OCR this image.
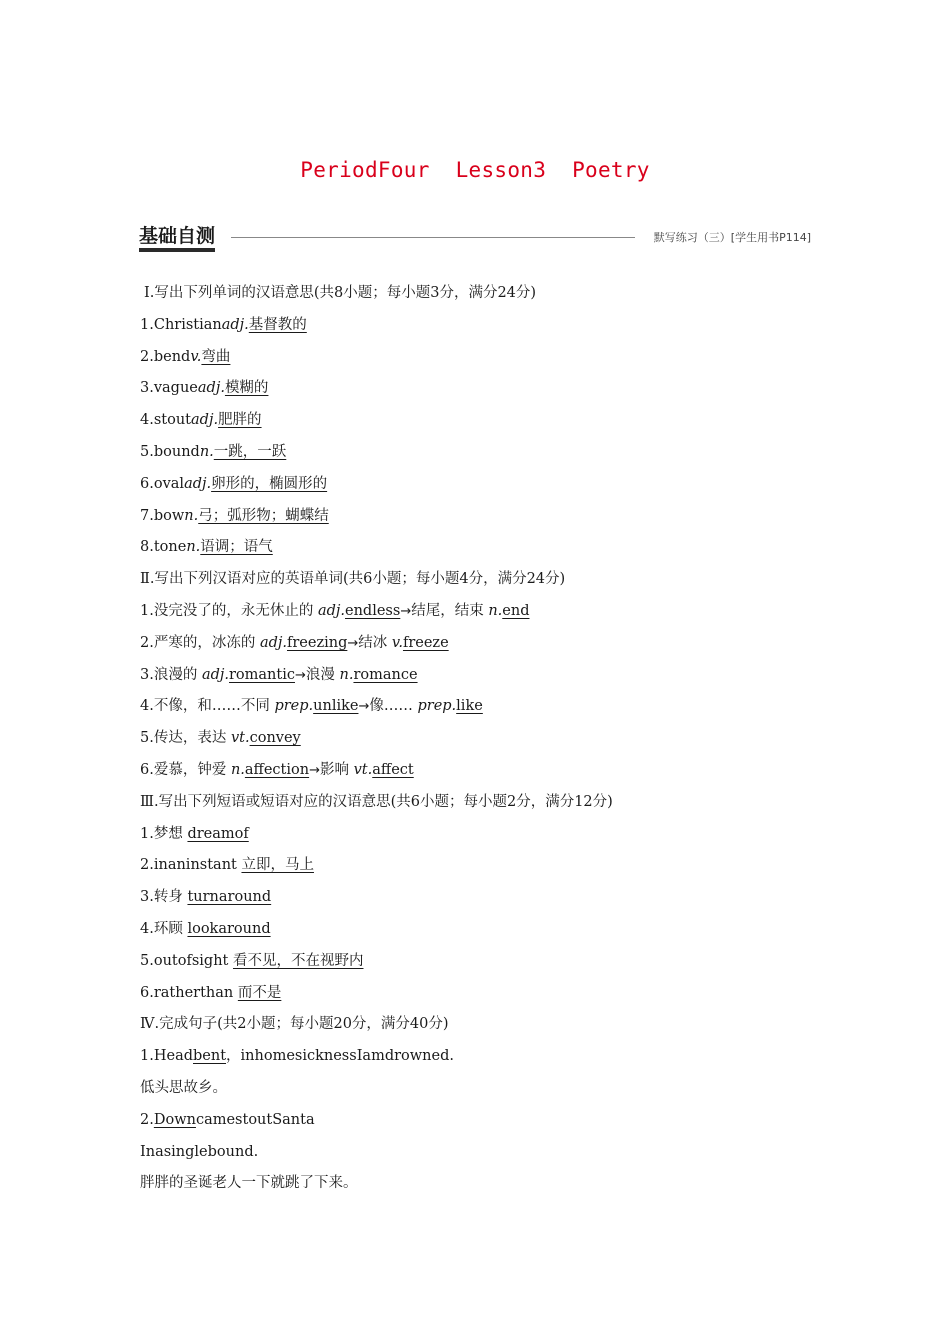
PeriodFour  Lesson3  Poetry
基础自测	默写练习（三）[学生用书P114]
Ⅰ.写出下列单词的汉语意思(共8小题；每小题3分，满分24分)
1.Christianadj.基督教的
2.bendv.弯曲
3.vagueadj.模糊的
4.stoutadj.肥胖的
5.boundn.一跳，一跃
6.ovaladj.卵形的，椭圆形的
7.bown.弓；弧形物；蝴蝶结
8.tonen.语调；语气
Ⅱ.写出下列汉语对应的英语单词(共6小题；每小题4分，满分24分)
1.没完没了的，永无休止的 adj.endless→结尾，结束 n.end
2.严寒的，冰冻的 adj.freezing→结冰 v.freeze
3.浪漫的 adj.romantic→浪漫 n.romance
4.不像，和……不同 prep.unlike→像…… prep.like
5.传达，表达 vt.convey
6.爱慕，钟爱 n.affection→影响 vt.affect
Ⅲ.写出下列短语或短语对应的汉语意思(共6小题；每小题2分，满分12分)
1.梦想 dreamof
2.inaninstant 立即，马上
3.转身 turnaround
4.环顾 lookaround
5.outofsight 看不见，不在视野内
6.ratherthan 而不是
Ⅳ.完成句子(共2小题；每小题20分，满分40分)
1.Headbent，inhomesicknessIamdrowned.
低头思故乡。
2.DowncamestoutSanta
Inasinglebound.
胖胖的圣诞老人一下就跳了下来。
